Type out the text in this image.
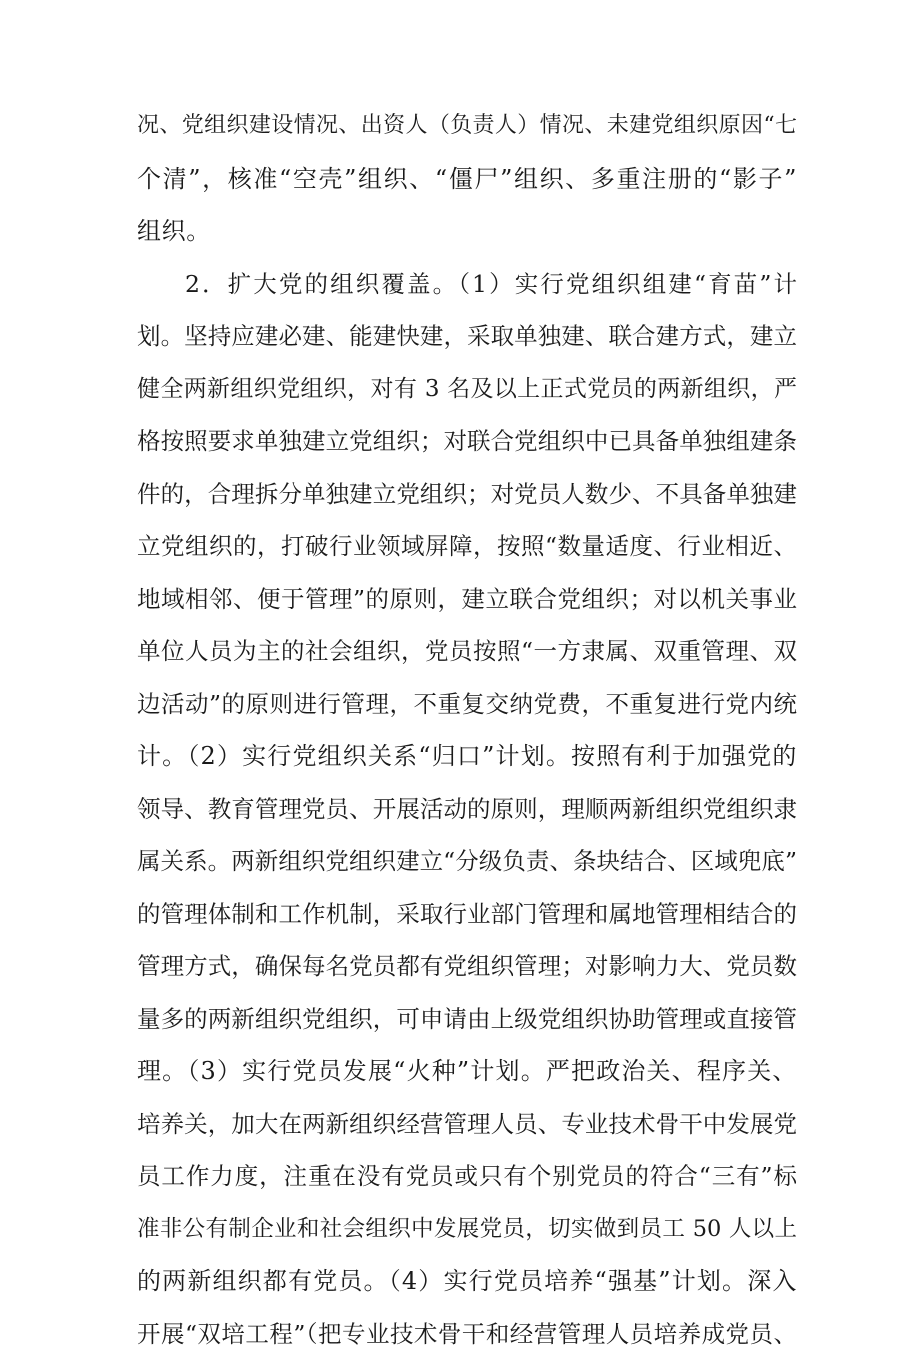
况、党组织建设情况、出资人（负责人）情况、未建党组织原因“七
个清”，核准“空壳”组织、“僵尸”组织、多重注册的“影子”
组织。
2．扩大党的组织覆盖。（1）实行党组织组建“育苗”计
划。坚持应建必建、能建快建，采取单独建、联合建方式，建立
健全两新组织党组织，对有 3 名及以上正式党员的两新组织，严
格按照要求单独建立党组织；对联合党组织中已具备单独组建条
件的，合理拆分单独建立党组织；对党员人数少、不具备单独建
立党组织的，打破行业领域屏障，按照“数量适度、行业相近、
地域相邻、便于管理”的原则，建立联合党组织；对以机关事业
单位人员为主的社会组织，党员按照“一方隶属、双重管理、双
边活动”的原则进行管理，不重复交纳党费，不重复进行党内统
计。（2）实行党组织关系“归口”计划。按照有利于加强党的
领导、教育管理党员、开展活动的原则，理顺两新组织党组织隶
属关系。两新组织党组织建立“分级负责、条块结合、区域兜底”
的管理体制和工作机制，采取行业部门管理和属地管理相结合的
管理方式，确保每名党员都有党组织管理；对影响力大、党员数
量多的两新组织党组织，可申请由上级党组织协助管理或直接管
理。（3）实行党员发展“火种”计划。严把政治关、程序关、
培养关，加大在两新组织经营管理人员、专业技术骨干中发展党
员工作力度，注重在没有党员或只有个别党员的符合“三有”标
准非公有制企业和社会组织中发展党员，切实做到员工 50 人以上
的两新组织都有党员。（4）实行党员培养“强基”计划。深入
开展“双培工程”（把专业技术骨干和经营管理人员培养成党员、
